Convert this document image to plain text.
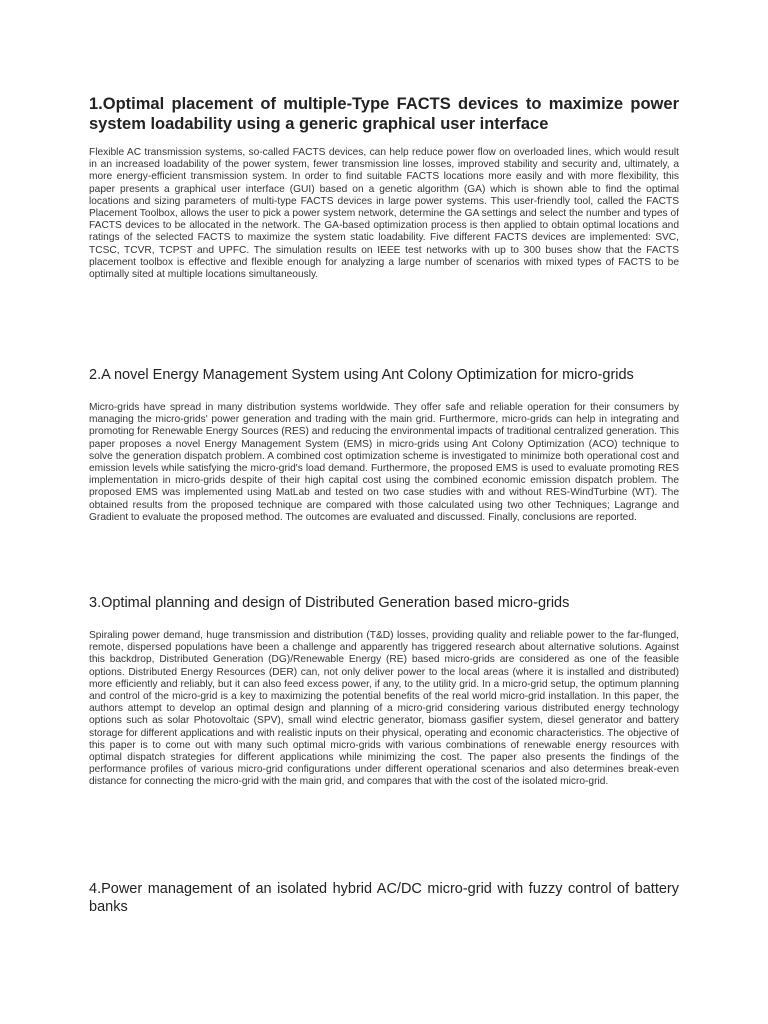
1.Optimal placement of multiple-Type FACTS devices to maximize power system loadability using a generic graphical user interface

Flexible AC transmission systems, so-called FACTS devices, can help reduce power flow on overloaded lines, which would result in an increased loadability of the power system, fewer transmission line losses, improved stability and security and, ultimately, a more energy-efficient transmission system. In order to find suitable FACTS locations more easily and with more flexibility, this paper presents a graphical user interface (GUI) based on a genetic algorithm (GA) which is shown able to find the optimal locations and sizing parameters of multi-type FACTS devices in large power systems. This user-friendly tool, called the FACTS Placement Toolbox, allows the user to pick a power system network, determine the GA settings and select the number and types of FACTS devices to be allocated in the network. The GA-based optimization process is then applied to obtain optimal locations and ratings of the selected FACTS to maximize the system static loadability. Five different FACTS devices are implemented: SVC, TCSC, TCVR, TCPST and UPFC. The simulation results on IEEE test networks with up to 300 buses show that the FACTS placement toolbox is effective and flexible enough for analyzing a large number of scenarios with mixed types of FACTS to be optimally sited at multiple locations simultaneously.

2.A novel Energy Management System using Ant Colony Optimization for micro-grids

Micro-grids have spread in many distribution systems worldwide. They offer safe and reliable operation for their consumers by managing the micro-grids' power generation and trading with the main grid. Furthermore, micro-grids can help in integrating and promoting for Renewable Energy Sources (RES) and reducing the environmental impacts of traditional centralized generation. This paper proposes a novel Energy Management System (EMS) in micro-grids using Ant Colony Optimization (ACO) technique to solve the generation dispatch problem. A combined cost optimization scheme is investigated to minimize both operational cost and emission levels while satisfying the micro-grid's load demand. Furthermore, the proposed EMS is used to evaluate promoting RES implementation in micro-grids despite of their high capital cost using the combined economic emission dispatch problem. The proposed EMS was implemented using MatLab and tested on two case studies with and without RES-WindTurbine (WT). The obtained results from the proposed technique are compared with those calculated using two other Techniques; Lagrange and Gradient to evaluate the proposed method. The outcomes are evaluated and discussed. Finally, conclusions are reported.

3.Optimal planning and design of Distributed Generation based micro-grids

Spiraling power demand, huge transmission and distribution (T&D) losses, providing quality and reliable power to the far-flunged, remote, dispersed populations have been a challenge and apparently has triggered research about alternative solutions. Against this backdrop, Distributed Generation (DG)/Renewable Energy (RE) based micro-grids are considered as one of the feasible options. Distributed Energy Resources (DER) can, not only deliver power to the local areas (where it is installed and distributed) more efficiently and reliably, but it can also feed excess power, if any, to the utility grid. In a micro-grid setup, the optimum planning and control of the micro-grid is a key to maximizing the potential benefits of the real world micro-grid installation. In this paper, the authors attempt to develop an optimal design and planning of a micro-grid considering various distributed energy technology options such as solar Photovoltaic (SPV), small wind electric generator, biomass gasifier system, diesel generator and battery storage for different applications and with realistic inputs on their physical, operating and economic characteristics. The objective of this paper is to come out with many such optimal micro-grids with various combinations of renewable energy resources with optimal dispatch strategies for different applications while minimizing the cost. The paper also presents the findings of the performance profiles of various micro-grid configurations under different operational scenarios and also determines break-even distance for connecting the micro-grid with the main grid, and compares that with the cost of the isolated micro-grid.

4.Power management of an isolated hybrid AC/DC micro-grid with fuzzy control of battery banks
